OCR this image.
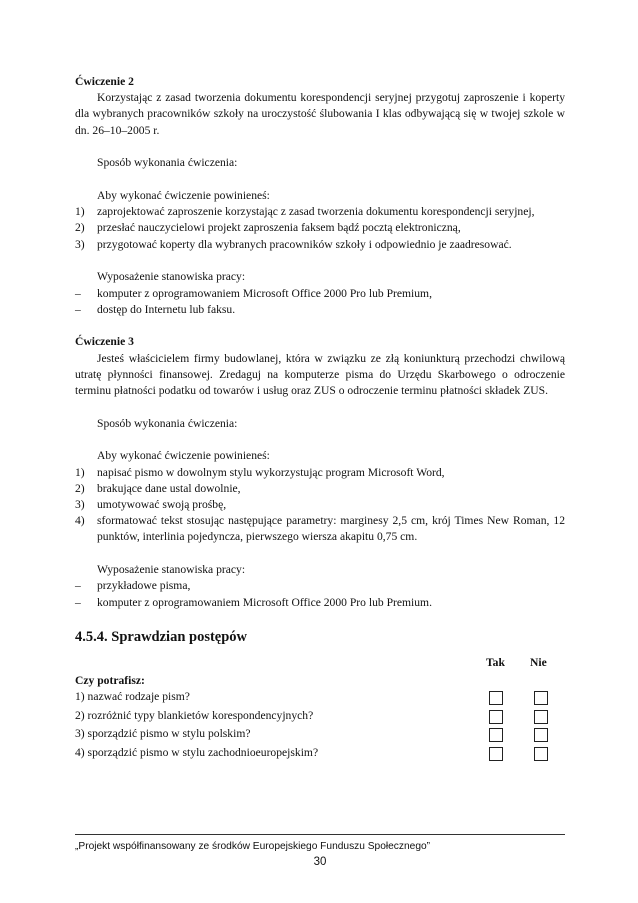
Ćwiczenie 2

Korzystając z zasad tworzenia dokumentu korespondencji seryjnej przygotuj zaproszenie i koperty dla wybranych pracowników szkoły na uroczystość ślubowania I klas odbywającą się w twojej szkole w dn. 26–10–2005 r.

Sposób wykonania ćwiczenia:

Aby wykonać ćwiczenie powinieneś:

1) zaprojektować zaproszenie korzystając z zasad tworzenia dokumentu korespondencji seryjnej,
2) przesłać nauczycielowi projekt zaproszenia faksem bądź pocztą elektroniczną,
3) przygotować koperty dla wybranych pracowników szkoły i odpowiednio je zaadresować.

Wyposażenie stanowiska pracy:

– komputer z oprogramowaniem Microsoft Office 2000 Pro lub Premium,
– dostęp do Internetu lub faksu.
Ćwiczenie 3

Jesteś właścicielem firmy budowlanej, która w związku ze złą koniunkturą przechodzi chwilową utratę płynności finansowej. Zredaguj na komputerze pisma do Urzędu Skarbowego o odroczenie terminu płatności podatku od towarów i usług oraz ZUS o odroczenie terminu płatności składek ZUS.

Sposób wykonania ćwiczenia:

Aby wykonać ćwiczenie powinieneś:

1) napisać pismo w dowolnym stylu wykorzystując program Microsoft Word,
2) brakujące dane ustal dowolnie,
3) umotywować swoją prośbę,
4) sformatować tekst stosując następujące parametry: marginesy 2,5 cm, krój Times New Roman, 12 punktów, interlinia pojedyncza, pierwszego wiersza akapitu 0,75 cm.

Wyposażenie stanowiska pracy:

– przykładowe pisma,
– komputer z oprogramowaniem Microsoft Office 2000 Pro lub Premium.

4.5.4. Sprawdzian postępów

Tak Nie
Czy potrafisz:
1) nazwać rodzaje pism?
2) rozróżnić typy blankietów korespondencyjnych?
3) sporządzić pismo w stylu polskim?
4) sporządzić pismo w stylu zachodnioeuropejskim?
„Projekt współfinansowany ze środków Europejskiego Funduszu Społecznego”
30
